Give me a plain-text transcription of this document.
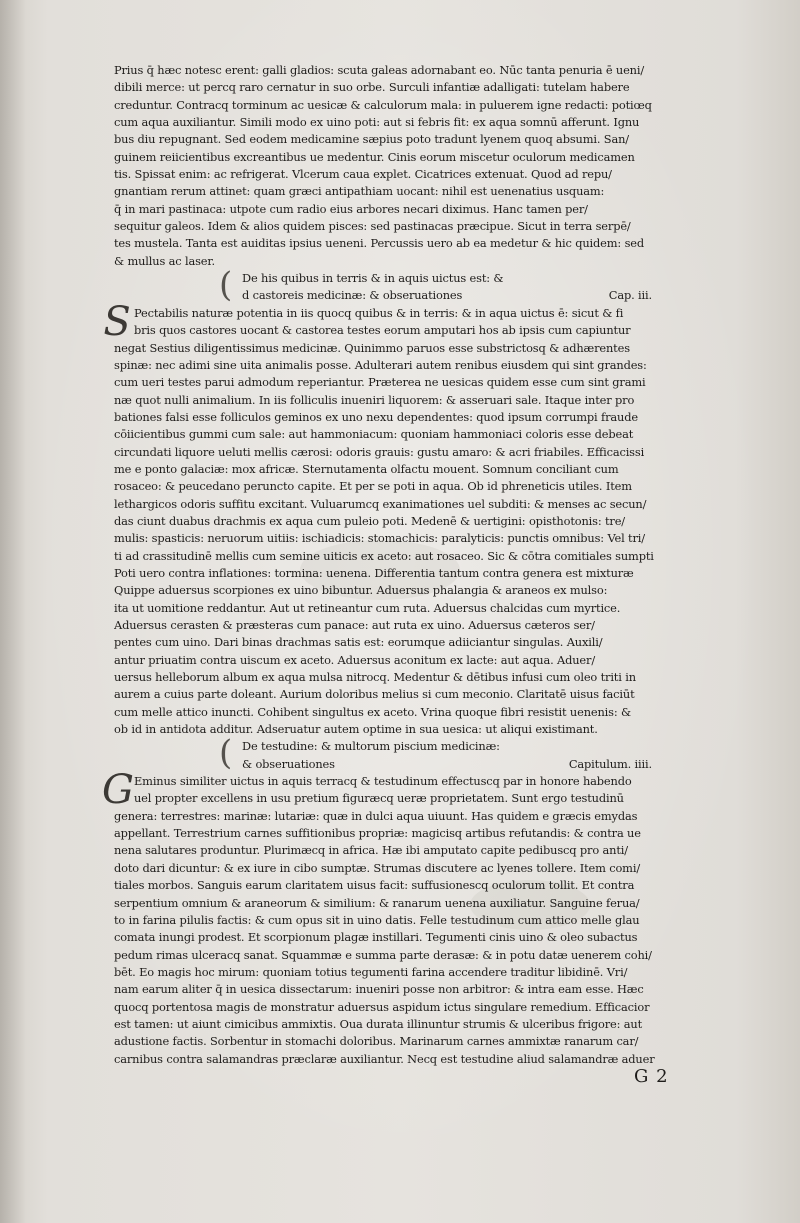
Prius q̄ hæc notesc erent: galli gladios: scuta galeas adornabant eo. Nūc tanta penuria ē ueni/
dibili merce: ut percq raro cernatur in suo orbe. Surculi infantiæ adalligati: tutelam habere
creduntur. Contracq torminum ac uesicæ & calculorum mala: in puluerem igne redacti: potiœq
cum aqua auxiliantur. Simili modo ex uino poti: aut si febris fit: ex aqua somnū afferunt. Ignu
bus diu repugnant. Sed eodem medicamine sæpius poto tradunt lyenem quoq absumi. San/
guinem reiicientibus excreantibus ue medentur. Cinis eorum miscetur oculorum medicamen
tis. Spissat enim: ac refrigerat. Vlcerum caua explet. Cicatrices extenuat. Quod ad repu/
gnantiam rerum attinet: quam græci antipathiam uocant: nihil est uenenatius usquam:
q̄ in mari pastinaca: utpote cum radio eius arbores necari diximus. Hanc tamen per/
sequitur galeos. Idem & alios quidem pisces: sed pastinacas præcipue. Sicut in terra serpē/
tes mustela. Tanta est auiditas ipsius ueneni. Percussis uero ab ea medetur & hic quidem: sed
& mullus ac laser.
( De his quibus in terris & in aquis uictus est: &
d castoreis medicinæ: & obseruationes	Cap. iii.
S Pectabilis naturæ potentia in iis quocq quibus & in terris: & in aqua uictus ē: sicut & fi
bris quos castores uocant & castorea testes eorum amputari hos ab ipsis cum capiuntur
negat Sestius diligentissimus medicinæ. Quinimmo paruos esse substrictosq & adhærentes
spinæ: nec adimi sine uita animalis posse. Adulterari autem renibus eiusdem qui sint grandes:
cum ueri testes parui admodum reperiantur. Præterea ne uesicas quidem esse cum sint grami
næ quot nulli animalium. In iis folliculis inueniri liquorem: & asseruari sale. Itaque inter pro
bationes falsi esse folliculos geminos ex uno nexu dependentes: quod ipsum corrumpi fraude
cōiicientibus gummi cum sale: aut hammoniacum: quoniam hammoniaci coloris esse debeat
circundati liquore ueluti mellis cærosi: odoris grauis: gustu amaro: & acri friabiles. Efficacissi
me e ponto galaciæ: mox africæ. Sternutamenta olfactu mouent. Somnum conciliant cum
rosaceo: & peucedano peruncto capite. Et per se poti in aqua. Ob id phreneticis utiles. Item
lethargicos odoris suffitu excitant. Vuluarumcq exanimationes uel subditi: & menses ac secun/
das ciunt duabus drachmis ex aqua cum puleio poti. Medenē & uertigini: opisthotonis: tre/
mulis: spasticis: neruorum uitiis: ischiadicis: stomachicis: paralyticis: punctis omnibus: Vel tri/
ti ad crassitudinē mellis cum semine uiticis ex aceto: aut rosaceo. Sic & cōtra comitiales sumpti
Poti uero contra inflationes: tormina: uenena. Differentia tantum contra genera est mixturæ
Quippe aduersus scorpiones ex uino bibuntur. Aduersus phalangia & araneos ex mulso:
ita ut uomitione reddantur. Aut ut retineantur cum ruta. Aduersus chalcidas cum myrtice.
Aduersus cerasten & præsteras cum panace: aut ruta ex uino. Aduersus cæteros ser/
pentes cum uino. Dari binas drachmas satis est: eorumque adiiciantur singulas. Auxili/
antur priuatim contra uiscum ex aceto. Aduersus aconitum ex lacte: aut aqua. Aduer/
uersus helleborum album ex aqua mulsa nitrocq. Medentur & dētibus infusi cum oleo triti in
aurem a cuius parte doleant. Aurium doloribus melius si cum meconio. Claritatē uisus faciūt
cum melle attico inuncti. Cohibent singultus ex aceto. Vrina quoque fibri resistit uenenis: &
ob id in antidota additur. Adseruatur autem optime in sua uesica: ut aliqui existimant.
( De testudine: & multorum piscium medicinæ:
& obseruationes	Capitulum. iiii.
G Eminus similiter uictus in aquis terracq & testudinum effectuscq par in honore habendo
uel propter excellens in usu pretium figuræcq ueræ proprietatem. Sunt ergo testudinū
genera: terrestres: marinæ: lutariæ: quæ in dulci aqua uiuunt. Has quidem e græcis emydas
appellant. Terrestrium carnes suffitionibus propriæ: magicisq artibus refutandis: & contra ue
nena salutares produntur. Plurimæcq in africa. Hæ ibi amputato capite pedibuscq pro anti/
doto dari dicuntur: & ex iure in cibo sumptæ. Strumas discutere ac lyenes tollere. Item comi/
tiales morbos. Sanguis earum claritatem uisus facit: suffusionescq oculorum tollit. Et contra
serpentium omnium & araneorum & similium: & ranarum uenena auxiliatur. Sanguine ferua/
to in farina pilulis factis: & cum opus sit in uino datis. Felle testudinum cum attico melle glau
comata inungi prodest. Et scorpionum plagæ instillari. Tegumenti cinis uino & oleo subactus
pedum rimas ulceracq sanat. Squammæ e summa parte derasæ: & in potu datæ uenerem cohi/
bēt. Eo magis hoc mirum: quoniam totius tegumenti farina accendere traditur libidinē. Vri/
nam earum aliter q̄ in uesica dissectarum: inueniri posse non arbitror: & intra eam esse. Hæc
quocq portentosa magis de monstratur aduersus aspidum ictus singulare remedium. Efficacior
est tamen: ut aiunt cimicibus ammixtis. Oua durata illinuntur strumis & ulceribus frigore: aut
adustione factis. Sorbentur in stomachi doloribus. Marinarum carnes ammixtæ ranarum car/
carnibus contra salamandras præclaræ auxiliantur. Necq est testudine aliud salamandræ aduer
G 2
